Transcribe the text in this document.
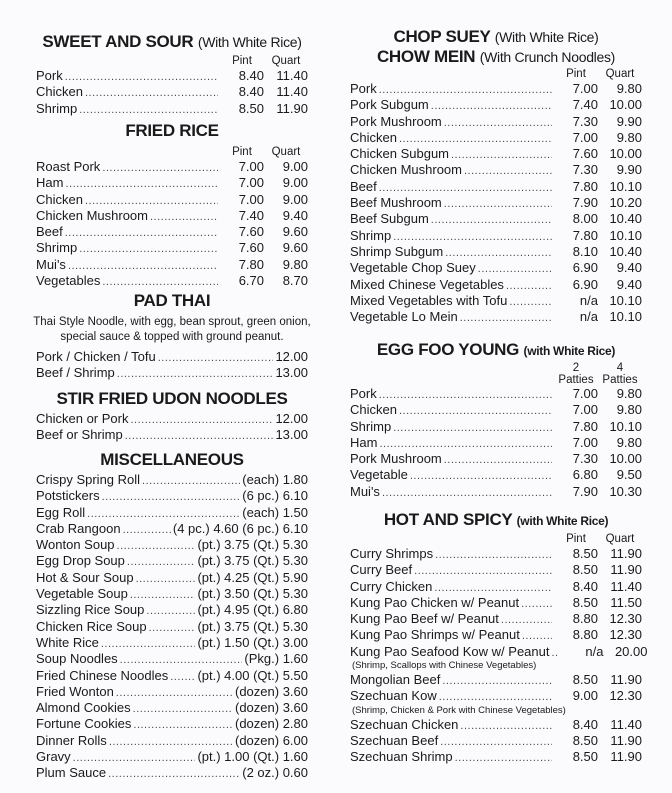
SWEET AND SOUR (With White Rice)
Pint	Quart
Pork .....	8.40 11.40
Chicken .....	8.40 11.40
Shrimp .....	8.50 11.90
FRIED RICE
Pint	Quart
Roast Pork .....	7.00	9.00
Ham .....	7.00	9.00
Chicken .....	7.00	9.00
Chicken Mushroom .....	7.40	9.40
Beef .....	7.60	9.60
Shrimp .....	7.60	9.60
Mui's .....	7.80	9.80
Vegetables .....	6.70	8.70
PAD THAI
Thai Style Noodle, with egg, bean sprout, green onion,
special sauce & topped with ground peanut.
Pork / Chicken / Tofu .....	12.00
Beef / Shrimp .....	13.00
STIR FRIED UDON NOODLES
Chicken or Pork .....	12.00
Beef or Shrimp .....	13.00
MISCELLANEOUS
Crispy Spring Roll .....	(each) 1.80
Potstickers .....	(6 pc.) 6.10
Egg Roll .....	(each) 1.50
Crab Rangoon .....	(4 pc.) 4.60 (6 pc.) 6.10
Wonton Soup .....	(pt.) 3.75 (Qt.) 5.30
Egg Drop Soup .....	(pt.) 3.75 (Qt.) 5.30
Hot & Sour Soup .....	(pt.) 4.25 (Qt.) 5.90
Vegetable Soup .....	(pt.) 3.50 (Qt.) 5.30
Sizzling Rice Soup .....	(pt.) 4.95 (Qt.) 6.80
Chicken Rice Soup .....	(pt.) 3.75 (Qt.) 5.30
White Rice .....	(pt.) 1.50 (Qt.) 3.00
Soup Noodles .....	(Pkg.) 1.60
Fried Chinese Noodles ..... (pt.) 4.00 (Qt.) 5.50
Fried Wonton .....	(dozen) 3.60
Almond Cookies .....	(dozen) 3.60
Fortune Cookies .....	(dozen) 2.80
Dinner Rolls .....	(dozen) 6.00
Gravy .....	(pt.) 1.00 (Qt.) 1.60
Plum Sauce .....	(2 oz.) 0.60
CHOP SUEY (With White Rice)
CHOW MEIN (With Crunch Noodles)
Pint	Quart
Pork .....	7.00	9.80
Pork Subgum .....	7.40 10.00
Pork Mushroom .....	7.30	9.90
Chicken .....	7.00	9.80
Chicken Subgum .....	7.60 10.00
Chicken Mushroom .....	7.30	9.90
Beef .....	7.80 10.10
Beef Mushroom .....	7.90 10.20
Beef Subgum .....	8.00 10.40
Shrimp .....	7.80 10.10
Shrimp Subgum .....	8.10 10.40
Vegetable Chop Suey .....	6.90	9.40
Mixed Chinese Vegetables .....	6.90	9.40
Mixed Vegetables with Tofu .....	n/a 10.10
Vegetable Lo Mein .....	n/a 10.10
EGG FOO YOUNG (with White Rice)
2	4
Patties Patties
Pork .....	7.00	9.80
Chicken .....	7.00	9.80
Shrimp .....	7.80 10.10
Ham .....	7.00	9.80
Pork Mushroom .....	7.30 10.00
Vegetable .....	6.80	9.50
Mui's .....	7.90 10.30
HOT AND SPICY (with White Rice)
Pint	Quart
Curry Shrimps .....	8.50 11.90
Curry Beef .....	8.50 11.90
Curry Chicken .....	8.40 11.40
Kung Pao Chicken w/ Peanut .....	8.50 11.50
Kung Pao Beef w/ Peanut .....	8.80 12.30
Kung Pao Shrimps w/ Peanut .....	8.80 12.30
Kung Pao Seafood Kow w/ Peanut .....	n/a 20.00
(Shrimp, Scallops with Chinese Vegetables)
Mongolian Beef .....	8.50 11.90
Szechuan Kow .....	9.00 12.30
(Shrimp, Chicken & Pork with Chinese Vegetables)
Szechuan Chicken .....	8.40 11.40
Szechuan Beef .....	8.50 11.90
Szechuan Shrimp .....	8.50 11.90
